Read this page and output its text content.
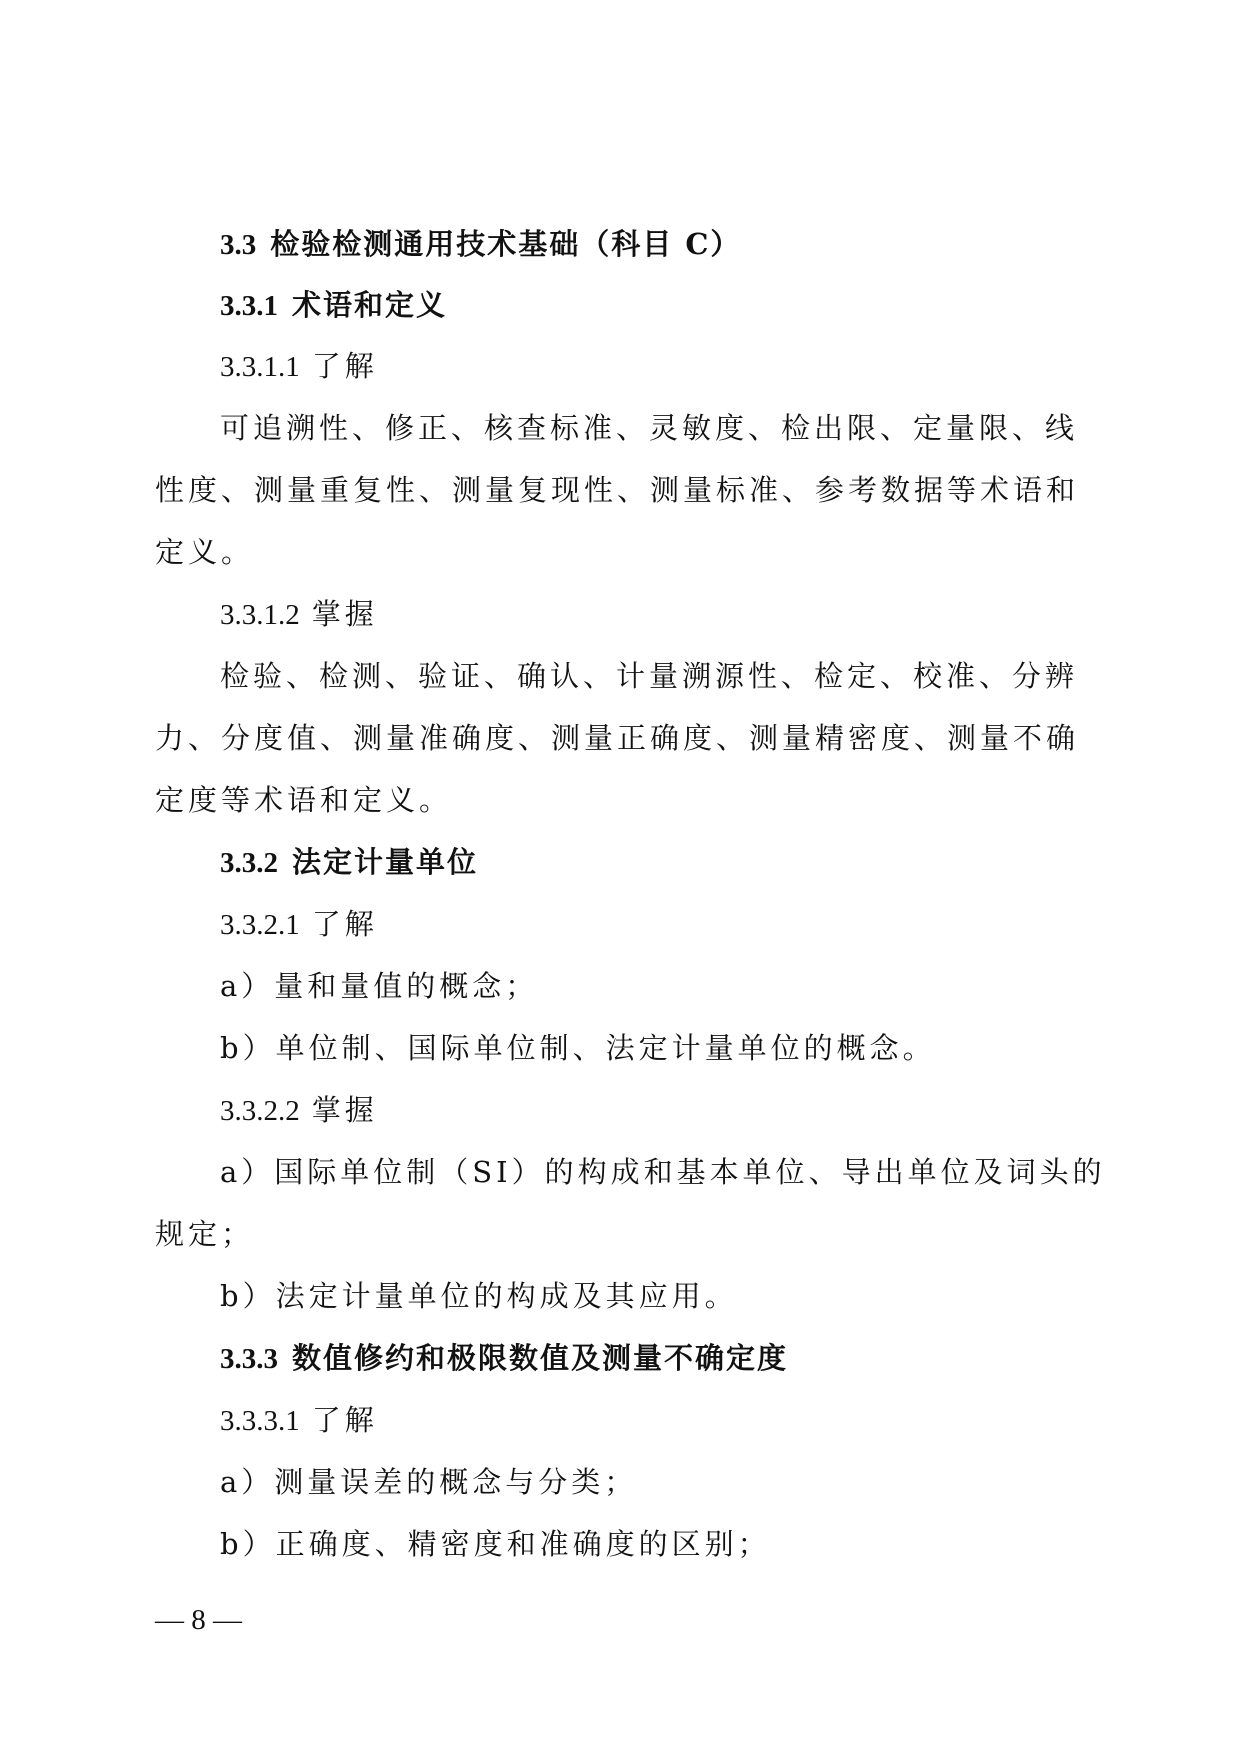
3.3 检验检测通用技术基础（科目 C）
3.3.1 术语和定义
3.3.1.1 了解
可追溯性、修正、核查标准、灵敏度、检出限、定量限、线
性度、测量重复性、测量复现性、测量标准、参考数据等术语和
定义。
3.3.1.2 掌握
检验、检测、验证、确认、计量溯源性、检定、校准、分辨
力、分度值、测量准确度、测量正确度、测量精密度、测量不确
定度等术语和定义。
3.3.2 法定计量单位
3.3.2.1 了解
a）量和量值的概念；
b）单位制、国际单位制、法定计量单位的概念。
3.3.2.2 掌握
a）国际单位制（SI）的构成和基本单位、导出单位及词头的
规定；
b）法定计量单位的构成及其应用。
3.3.3 数值修约和极限数值及测量不确定度
3.3.3.1 了解
a）测量误差的概念与分类；
b）正确度、精密度和准确度的区别；
— 8 —
